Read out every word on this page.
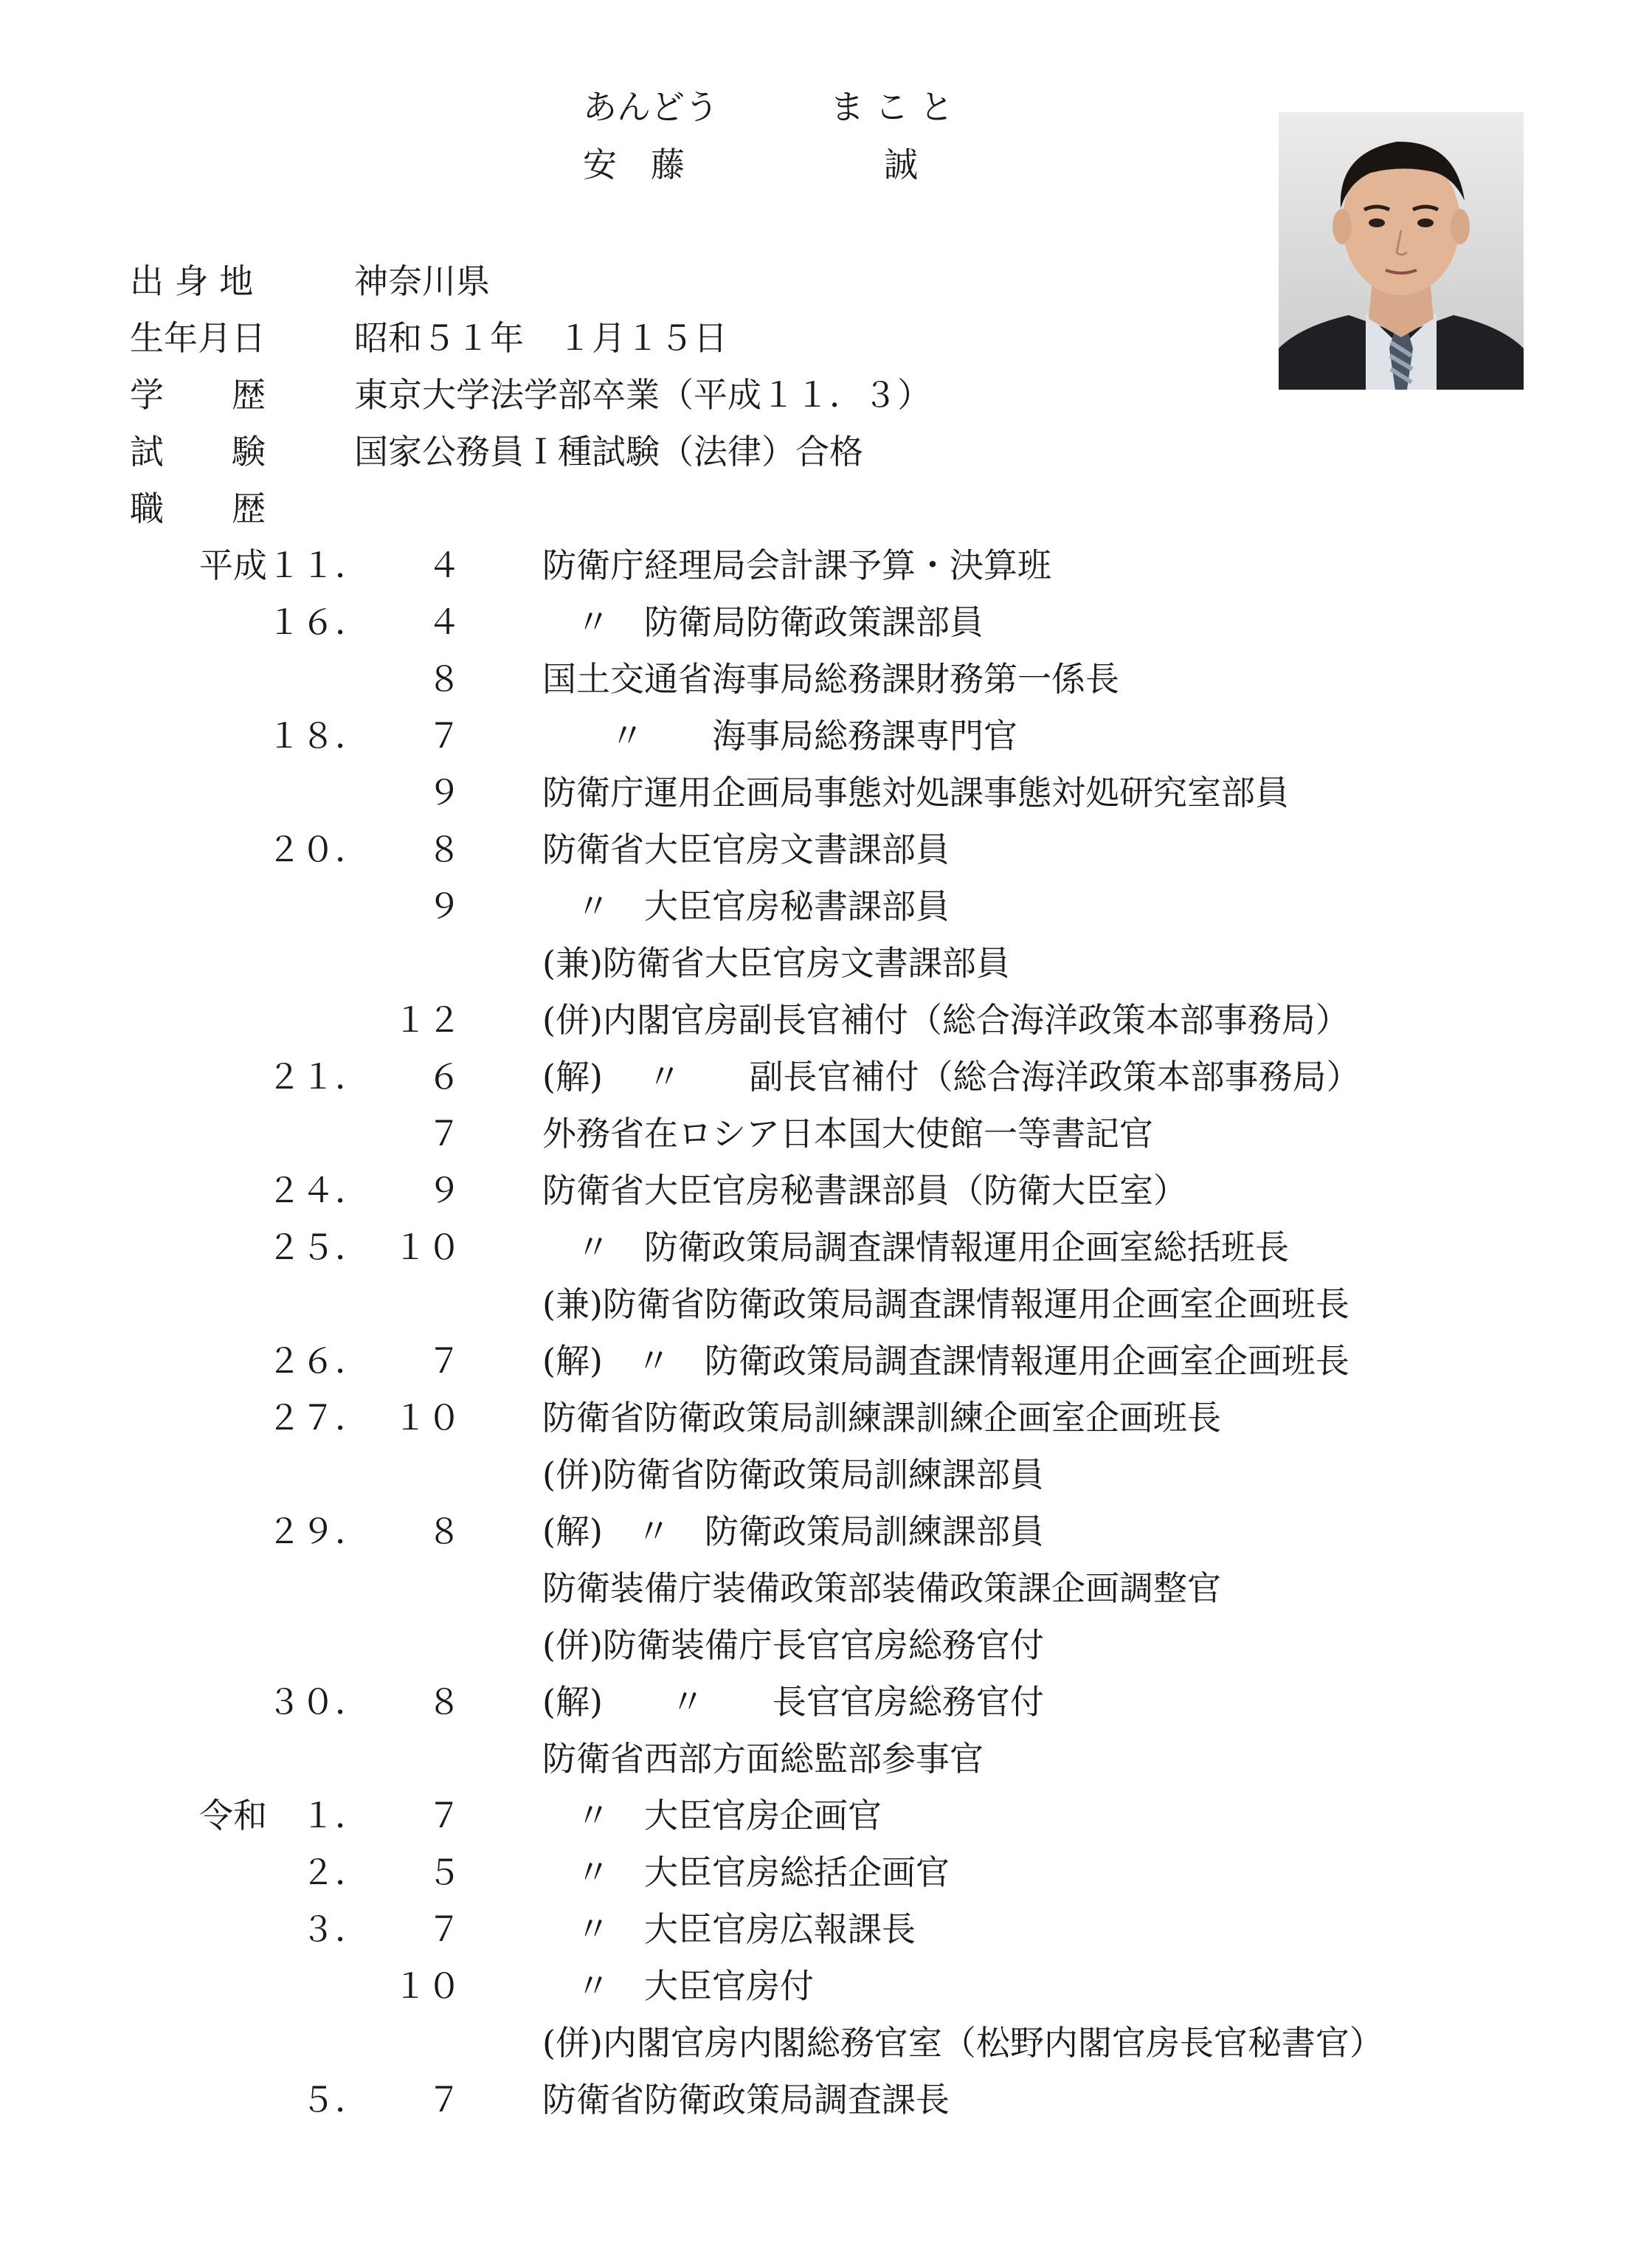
あんどう	ま こ と
安　藤	誠
出 身 地	神奈川県
生年月日	昭和５１年　１月１５日
学　　歴	東京大学法学部卒業（平成１１．３）
試　　験	国家公務員Ｉ種試験（法律）合格
職　　歴
平成１１．	４ 防衛庁経理局会計課予算・決算班
１６．	４ 　〃　防衛局防衛政策課部員
８ 国土交通省海事局総務課財務第一係長
１８．	７ 　　〃　　海事局総務課専門官
９ 防衛庁運用企画局事態対処課事態対処研究室部員
２０．	８ 防衛省大臣官房文書課部員
９ 　〃　大臣官房秘書課部員
(兼)防衛省大臣官房文書課部員
１２ (併)内閣官房副長官補付（総合海洋政策本部事務局）
２１．	６ (解)　 〃　　副長官補付（総合海洋政策本部事務局）
７ 外務省在ロシア日本国大使館一等書記官
２４．	９ 防衛省大臣官房秘書課部員（防衛大臣室）
２５． １０ 　〃　防衛政策局調査課情報運用企画室総括班長
(兼)防衛省防衛政策局調査課情報運用企画室企画班長
２６．	７ (解)　〃　防衛政策局調査課情報運用企画室企画班長
２７． １０ 防衛省防衛政策局訓練課訓練企画室企画班長
(併)防衛省防衛政策局訓練課部員
２９．	８ (解)　〃　防衛政策局訓練課部員
防衛装備庁装備政策部装備政策課企画調整官
(併)防衛装備庁長官官房総務官付
３０．	８ (解)　　〃　　長官官房総務官付
防衛省西部方面総監部参事官
令和　１．	７ 　〃　大臣官房企画官
２．	５ 　〃　大臣官房総括企画官
３．	７ 　〃　大臣官房広報課長
１０ 　〃　大臣官房付
(併)内閣官房内閣総務官室（松野内閣官房長官秘書官）
５．	７ 防衛省防衛政策局調査課長
